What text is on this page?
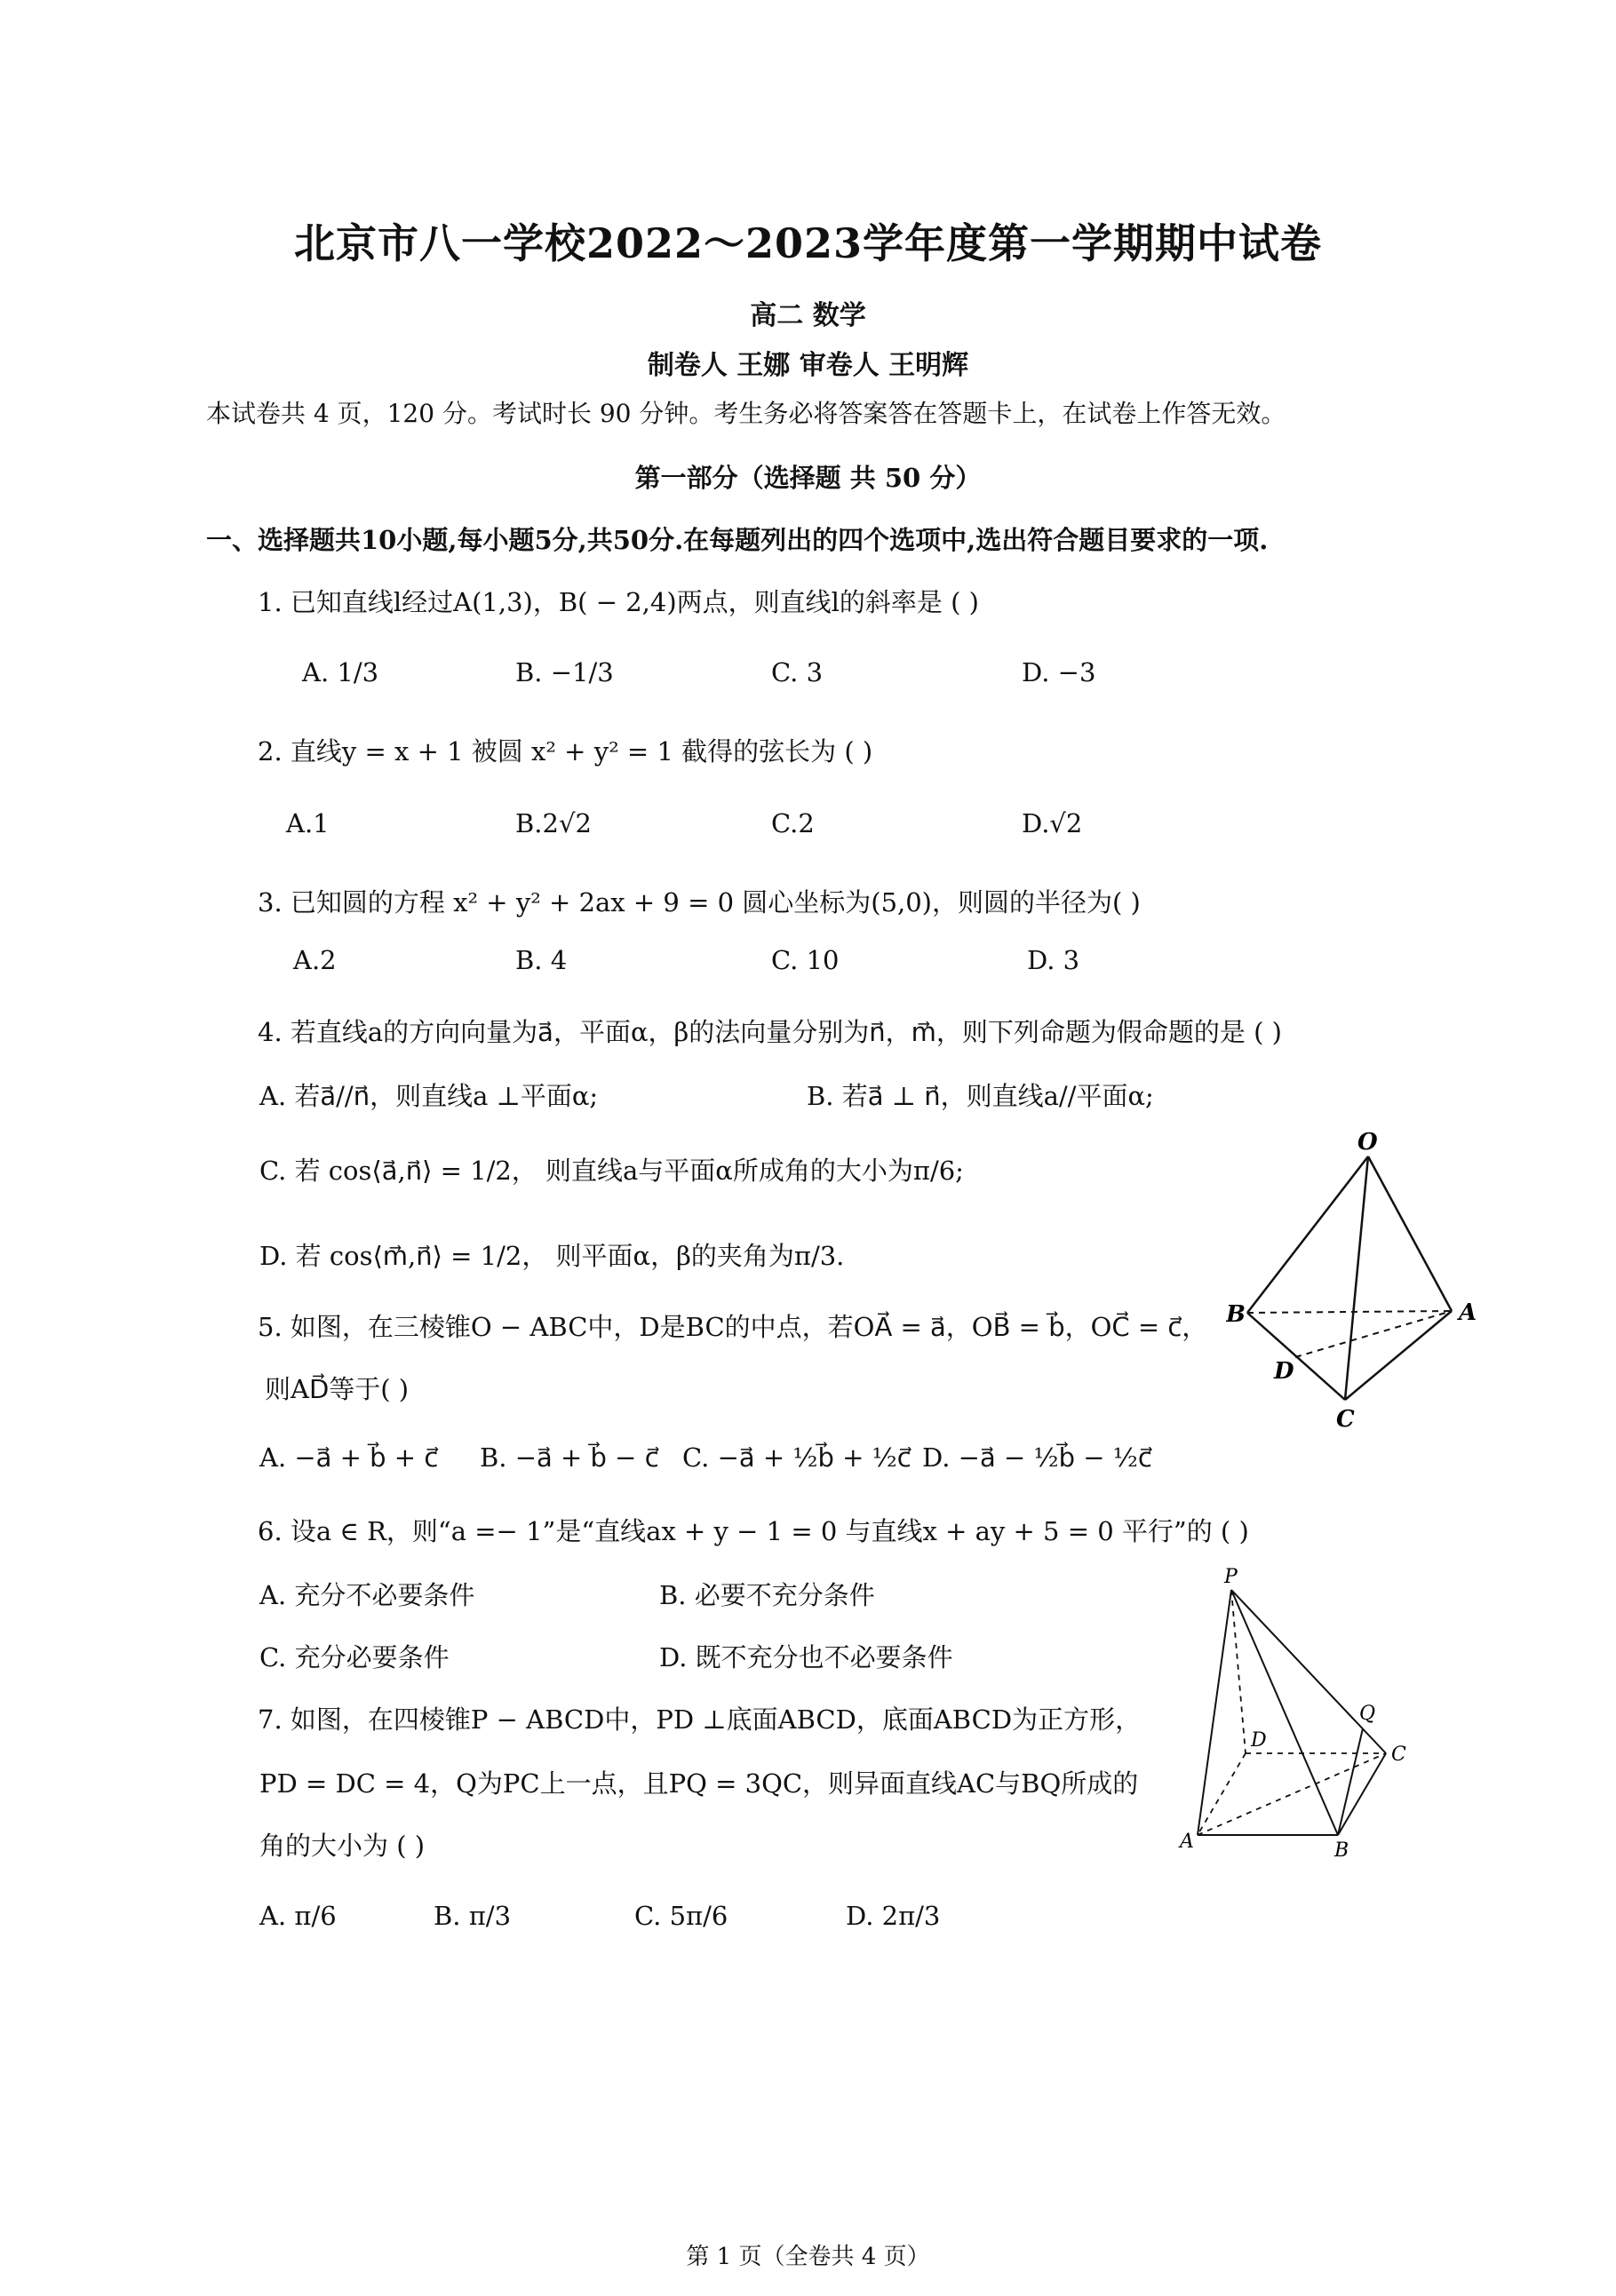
北京市八一学校2022～2023学年度第一学期期中试卷
高二 数学
制卷人 王娜 审卷人 王明辉
本试卷共 4 页，120 分。考试时长 90 分钟。考生务必将答案答在答题卡上，在试卷上作答无效。
第一部分（选择题 共 50 分）
一、选择题共10小题,每小题5分,共50分.在每题列出的四个选项中,选出符合题目要求的一项.
1. 已知直线l经过A(1,3)，B( − 2,4)两点，则直线l的斜率是 ( )
A. 1/3	B. −1/3	C. 3	D. −3
2. 直线y = x + 1 被圆 x² + y² = 1 截得的弦长为 ( )
A.1	B.2√2	C.2	D.√2
3. 已知圆的方程 x² + y² + 2ax + 9 = 0 圆心坐标为(5,0)，则圆的半径为( )
A.2	B. 4	C. 10	D. 3
4. 若直线a的方向向量为a⃗，平面α，β的法向量分别为n⃗，m⃗，则下列命题为假命题的是 ( )
A. 若a⃗//n⃗，则直线a ⊥平面α;	B. 若a⃗ ⊥ n⃗，则直线a//平面α;
C. 若 cos⟨a⃗,n⃗⟩ = 1/2， 则直线a与平面α所成角的大小为π/6;
D. 若 cos⟨m⃗,n⃗⟩ = 1/2， 则平面α，β的夹角为π/3.
5. 如图，在三棱锥O − ABC中，D是BC的中点，若OA⃗ = a⃗，OB⃗ = b⃗，OC⃗ = c⃗，
则AD⃗等于( )
A. −a⃗ + b⃗ + c⃗ B. −a⃗ + b⃗ − c⃗ C. −a⃗ + ½b⃗ + ½c⃗ D. −a⃗ − ½b⃗ − ½c⃗
6. 设a ∈ R，则“a =− 1”是“直线ax + y − 1 = 0 与直线x + ay + 5 = 0 平行”的 ( )
A. 充分不必要条件	B. 必要不充分条件
C. 充分必要条件	D. 既不充分也不必要条件
7. 如图，在四棱锥P − ABCD中，PD ⊥底面ABCD，底面ABCD为正方形，
PD = DC = 4，Q为PC上一点，且PQ = 3QC，则异面直线AC与BQ所成的
角的大小为 ( )
A. π/6	B. π/3	C. 5π/6	D. 2π/3
O
B	A
D
C
P
Q
D
C
A	B
第 1 页（全卷共 4 页）
